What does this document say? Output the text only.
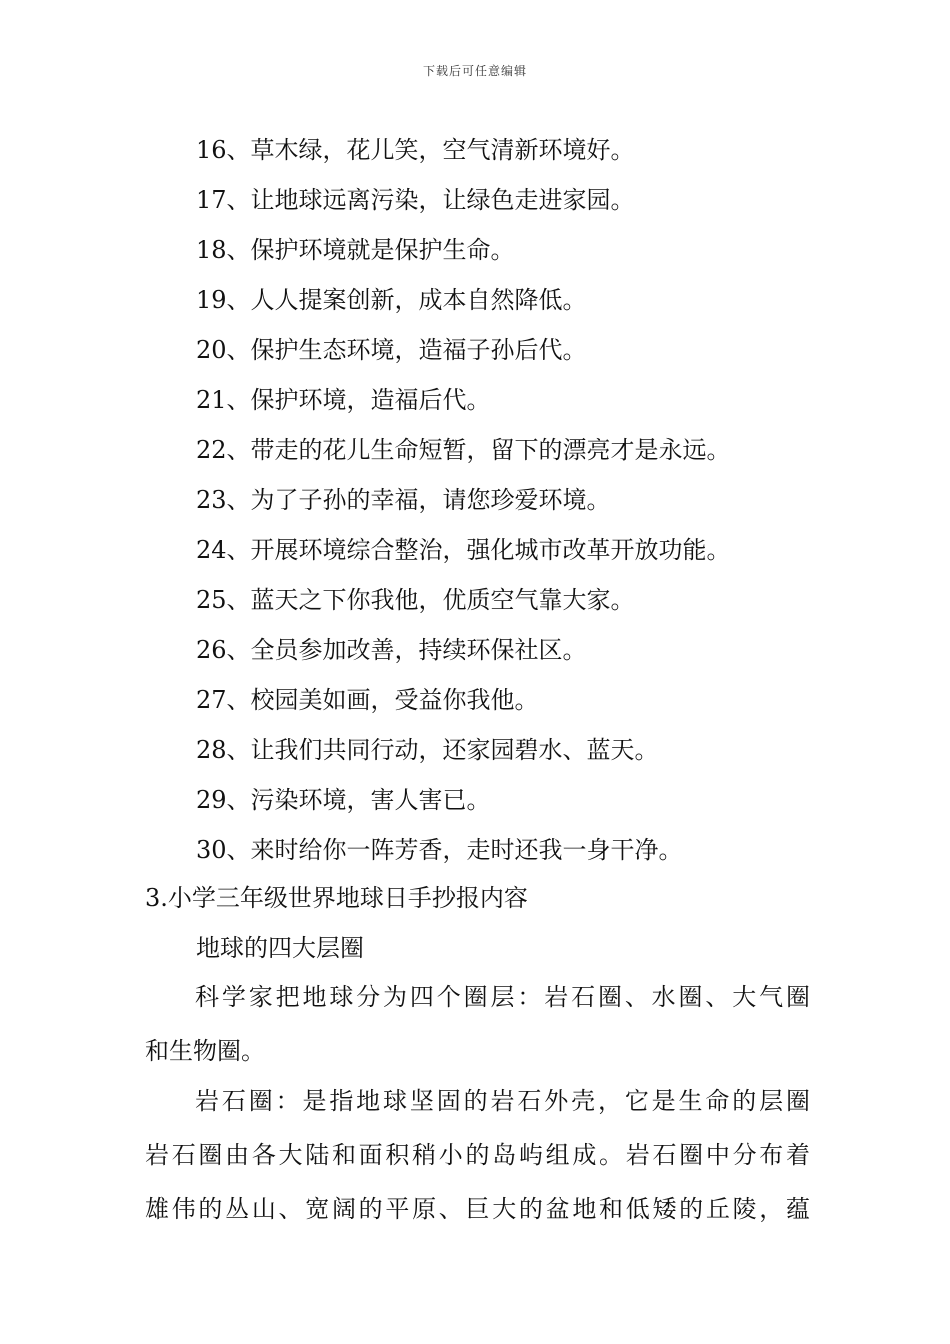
下载后可任意编辑
16、草木绿，花儿笑，空气清新环境好。
17、让地球远离污染，让绿色走进家园。
18、保护环境就是保护生命。
19、人人提案创新，成本自然降低。
20、保护生态环境，造福子孙后代。
21、保护环境，造福后代。
22、带走的花儿生命短暂，留下的漂亮才是永远。
23、为了子孙的幸福，请您珍爱环境。
24、开展环境综合整治，强化城市改革开放功能。
25、蓝天之下你我他，优质空气靠大家。
26、全员参加改善，持续环保社区。
27、校园美如画，受益你我他。
28、让我们共同行动，还家园碧水、蓝天。
29、污染环境，害人害已。
30、来时给你一阵芳香，走时还我一身干净。
3.小学三年级世界地球日手抄报内容
地球的四大层圈

科学家把地球分为四个圈层：岩石圈、水圈、大气圈
和生物圈。

岩石圈：是指地球坚固的岩石外壳，它是生命的层圈
岩石圈由各大陆和面积稍小的岛屿组成。岩石圈中分布着
雄伟的丛山、宽阔的平原、巨大的盆地和低矮的丘陵，蕴
